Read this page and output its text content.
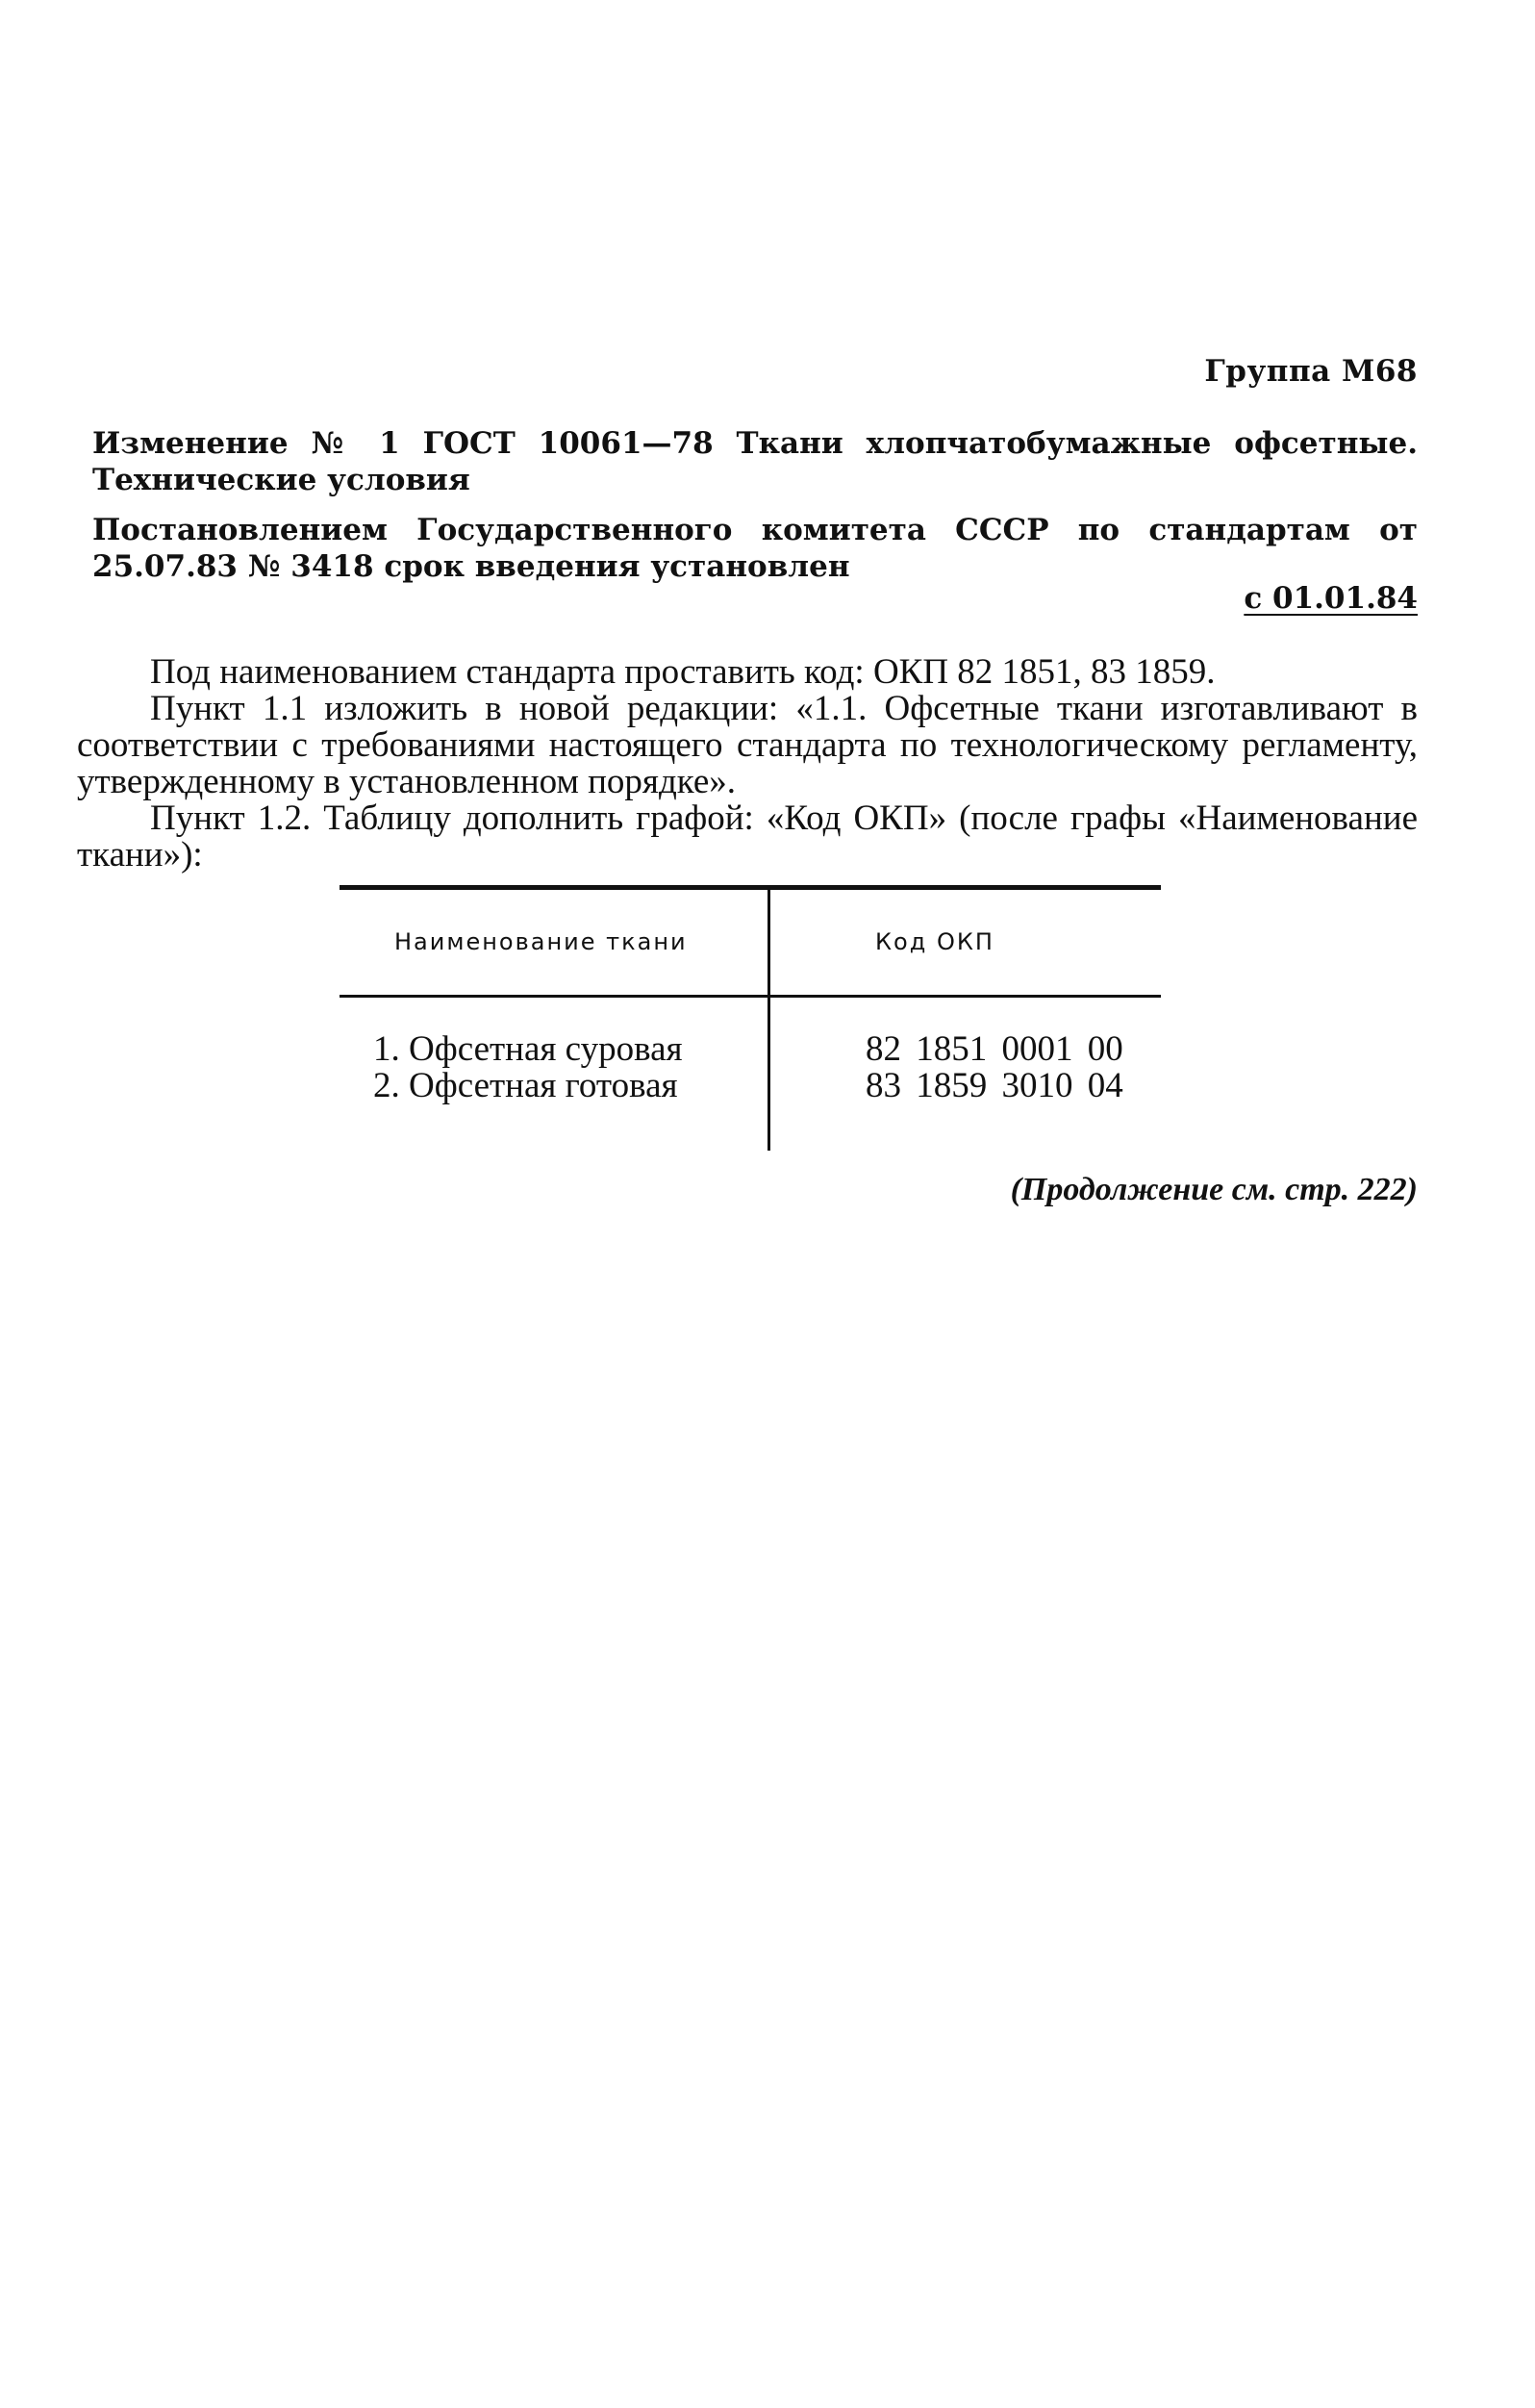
Группа М68
Изменение № 1 ГОСТ 10061—78 Ткани хлопчатобумажные офсетные. Технические условия
Постановлением Государственного комитета СССР по стандартам от 25.07.83 № 3418 срок введения установлен
с 01.01.84

Под наименованием стандарта проставить код: ОКП 82 1851, 83 1859.

Пункт 1.1 изложить в новой редакции: «1.1. Офсетные ткани изготавливают в соответствии с требованиями настоящего стандарта по технологическому регламенту, утвержденному в установленном порядке».

Пункт 1.2. Таблицу дополнить графой: «Код ОКП» (после графы «Наименование ткани»):

Наименование ткани	Код ОКП
1. Офсетная суровая	82 1851 0001 00
2. Офсетная готовая	83 1859 3010 04
(Продолжение см. стр. 222)
